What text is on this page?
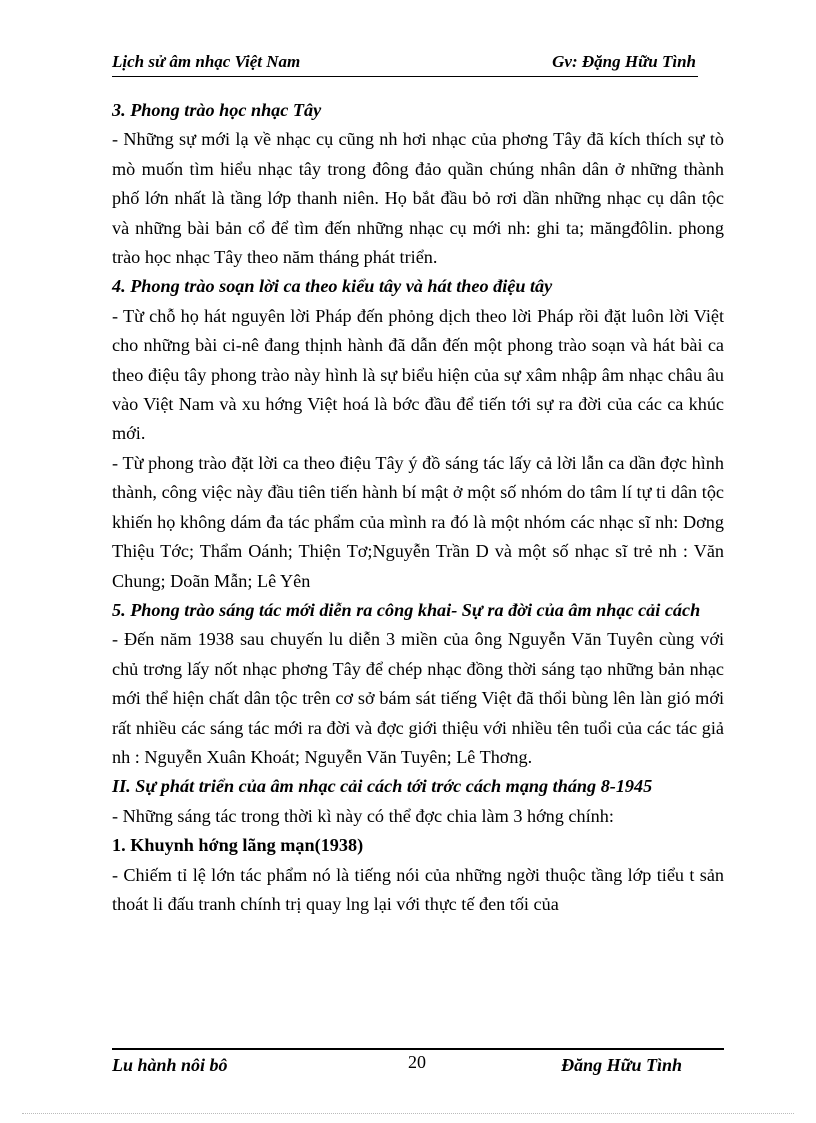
Lịch sử âm nhạc Việt Nam	Gv: Đặng Hữu Tình
3. Phong trào học nhạc Tây

- Những sự mới lạ về nhạc cụ cũng nh hơi nhạc của phơng Tây đã kích thích sự tò mò muốn tìm hiểu nhạc tây trong đông đảo quần chúng nhân dân ở những thành phố lớn nhất là tầng lớp thanh niên. Họ bắt đầu bỏ rơi dần những nhạc cụ dân tộc và những bài bản cổ để tìm đến những nhạc cụ mới nh: ghi ta; măngđôlin. phong trào học nhạc Tây theo năm tháng phát triển.

4. Phong trào soạn lời ca theo kiểu tây và hát theo điệu tây

- Từ chỗ họ hát nguyên lời Pháp đến phỏng dịch theo lời Pháp rồi đặt luôn lời Việt cho những bài ci-nê đang thịnh hành đã dẫn đến một phong trào soạn và hát bài ca theo điệu tây phong trào này hình là sự biểu hiện của sự xâm nhập âm nhạc châu âu vào Việt Nam và xu hớng Việt hoá là bớc đầu để tiến tới sự ra đời của các ca khúc mới.

- Từ phong trào đặt lời ca theo điệu Tây ý đồ sáng tác lấy cả lời lẫn ca dần đợc hình thành, công việc này đầu tiên tiến hành bí mật ở một số nhóm do tâm lí tự ti dân tộc khiến họ không dám đa tác phẩm của mình ra đó là một nhóm các nhạc sĩ nh: Dơng Thiệu Tớc; Thẩm Oánh; Thiện Tơ;Nguyễn Trần D và một số nhạc sĩ trẻ nh : Văn Chung; Doãn Mẫn; Lê Yên

5. Phong trào sáng tác mới diễn ra công khai- Sự ra đời của âm nhạc cải cách

- Đến năm 1938 sau chuyến lu diễn 3 miền của ông Nguyễn Văn Tuyên cùng với chủ trơng lấy nốt nhạc phơng Tây để chép nhạc đồng thời sáng tạo những bản nhạc mới thể hiện chất dân tộc trên cơ sở bám sát tiếng Việt đã thổi bùng lên làn gió mới rất nhiều các sáng tác mới ra đời và đợc giới thiệu với nhiều tên tuổi của các tác giả nh : Nguyễn Xuân Khoát; Nguyễn Văn Tuyên; Lê Thơng.

II. Sự phát triển của âm nhạc cải cách tới trớc cách mạng tháng 8-1945

- Những sáng tác trong thời kì này có thể đợc chia làm 3 hớng chính:

1. Khuynh hớng lãng mạn(1938)

- Chiếm tỉ lệ lớn tác phẩm nó là tiếng nói của những ngời thuộc tầng lớp tiểu t sản thoát li đấu tranh chính trị quay lng lại với thực tế đen tối của

Lu hành nôi bô	20	Đăng Hữu Tình
